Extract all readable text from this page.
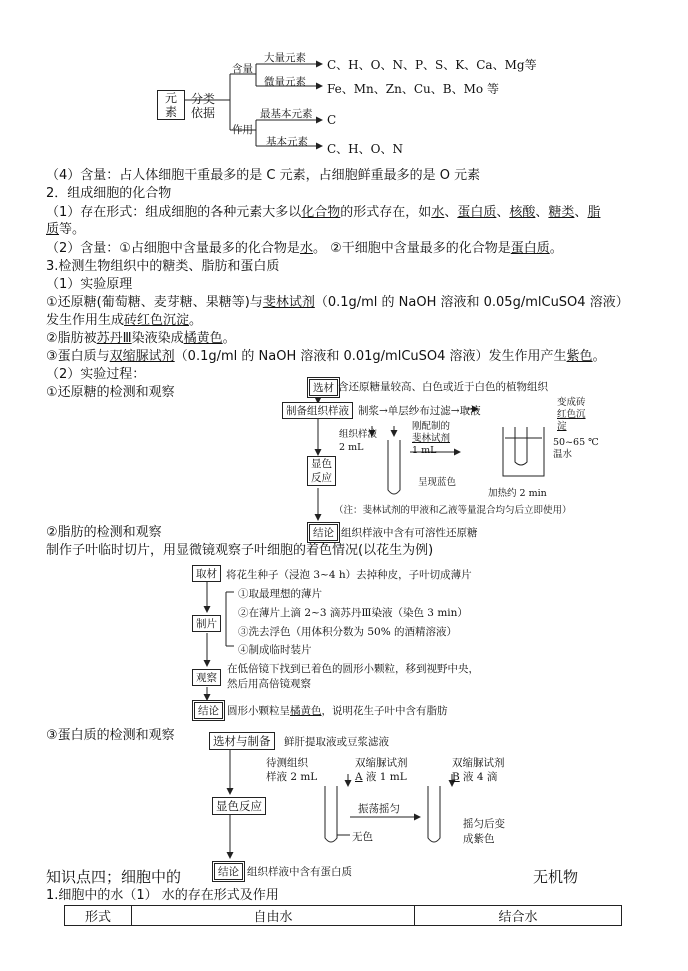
元素
分类依据
含量
作用
大量元素 C、H、O、N、P、S、K、Ca、Mg等
微量元素 Fe、Mn、Zn、Cu、B、Mo 等
最基本元素 C
基本元素 C、H、O、N
（4）含量：占人体细胞干重最多的是 C 元素，占细胞鲜重最多的是 O 元素
2．组成细胞的化合物
（1）存在形式：组成细胞的各种元素大多以化合物的形式存在，如水、蛋白质、核酸、糖类、脂
质等。
（2）含量：①占细胞中含量最多的化合物是水。 ②干细胞中含量最多的化合物是蛋白质。
3.检测生物组织中的糖类、脂肪和蛋白质
（1）实验原理
①还原糖(葡萄糖、麦芽糖、果糖等)与斐林试剂（0.1g/ml 的 NaOH 溶液和 0.05g/mlCuSO4 溶液）
发生作用生成砖红色沉淀。
②脂肪被苏丹Ⅲ染液染成橘黄色。
③蛋白质与双缩脲试剂（0.1g/ml 的 NaOH 溶液和 0.01g/mlCuSO4 溶液）发生作用产生紫色。
（2）实验过程：
①还原糖的检测和观察	选材 含还原糖量较高、白色或近于白色的植物组织
制备组织样液 制浆→单层纱布过滤→取液
组织样液
2 mL
刚配制的
斐林试剂
1 mL
呈现蓝色
变成砖
红色沉
淀
50~65 ℃
温水
加热约 2 min
显色
反应
（注：斐林试剂的甲液和乙液等量混合均匀后立即使用）
结论 组织样液中含有可溶性还原糖
②脂肪的检测和观察
制作子叶临时切片，用显微镜观察子叶细胞的着色情况(以花生为例)
取材 将花生种子（浸泡 3~4 h）去掉种皮，子叶切成薄片
①取最理想的薄片
②在薄片上滴 2~3 滴苏丹Ⅲ染液（染色 3 min）
制片
③洗去浮色（用体积分数为 50% 的酒精溶液）
④制成临时装片
观察
在低倍镜下找到已着色的圆形小颗粒，移到视野中央，
然后用高倍镜观察
结论 圆形小颗粒呈橘黄色，说明花生子叶中含有脂肪
③蛋白质的检测和观察	选材与制备	鲜肝提取液或豆浆滤液
待测组织
样液 2 mL
双缩脲试剂
A 液 1 mL
双缩脲试剂
B 液 4 滴
振荡摇匀
显色反应
无色
摇匀后变
成紫色
知识点四；细胞中的	结论 组织样液中含有蛋白质	无机物
1.细胞中的水（1） 水的存在形式及作用
形式	自由水	结合水
